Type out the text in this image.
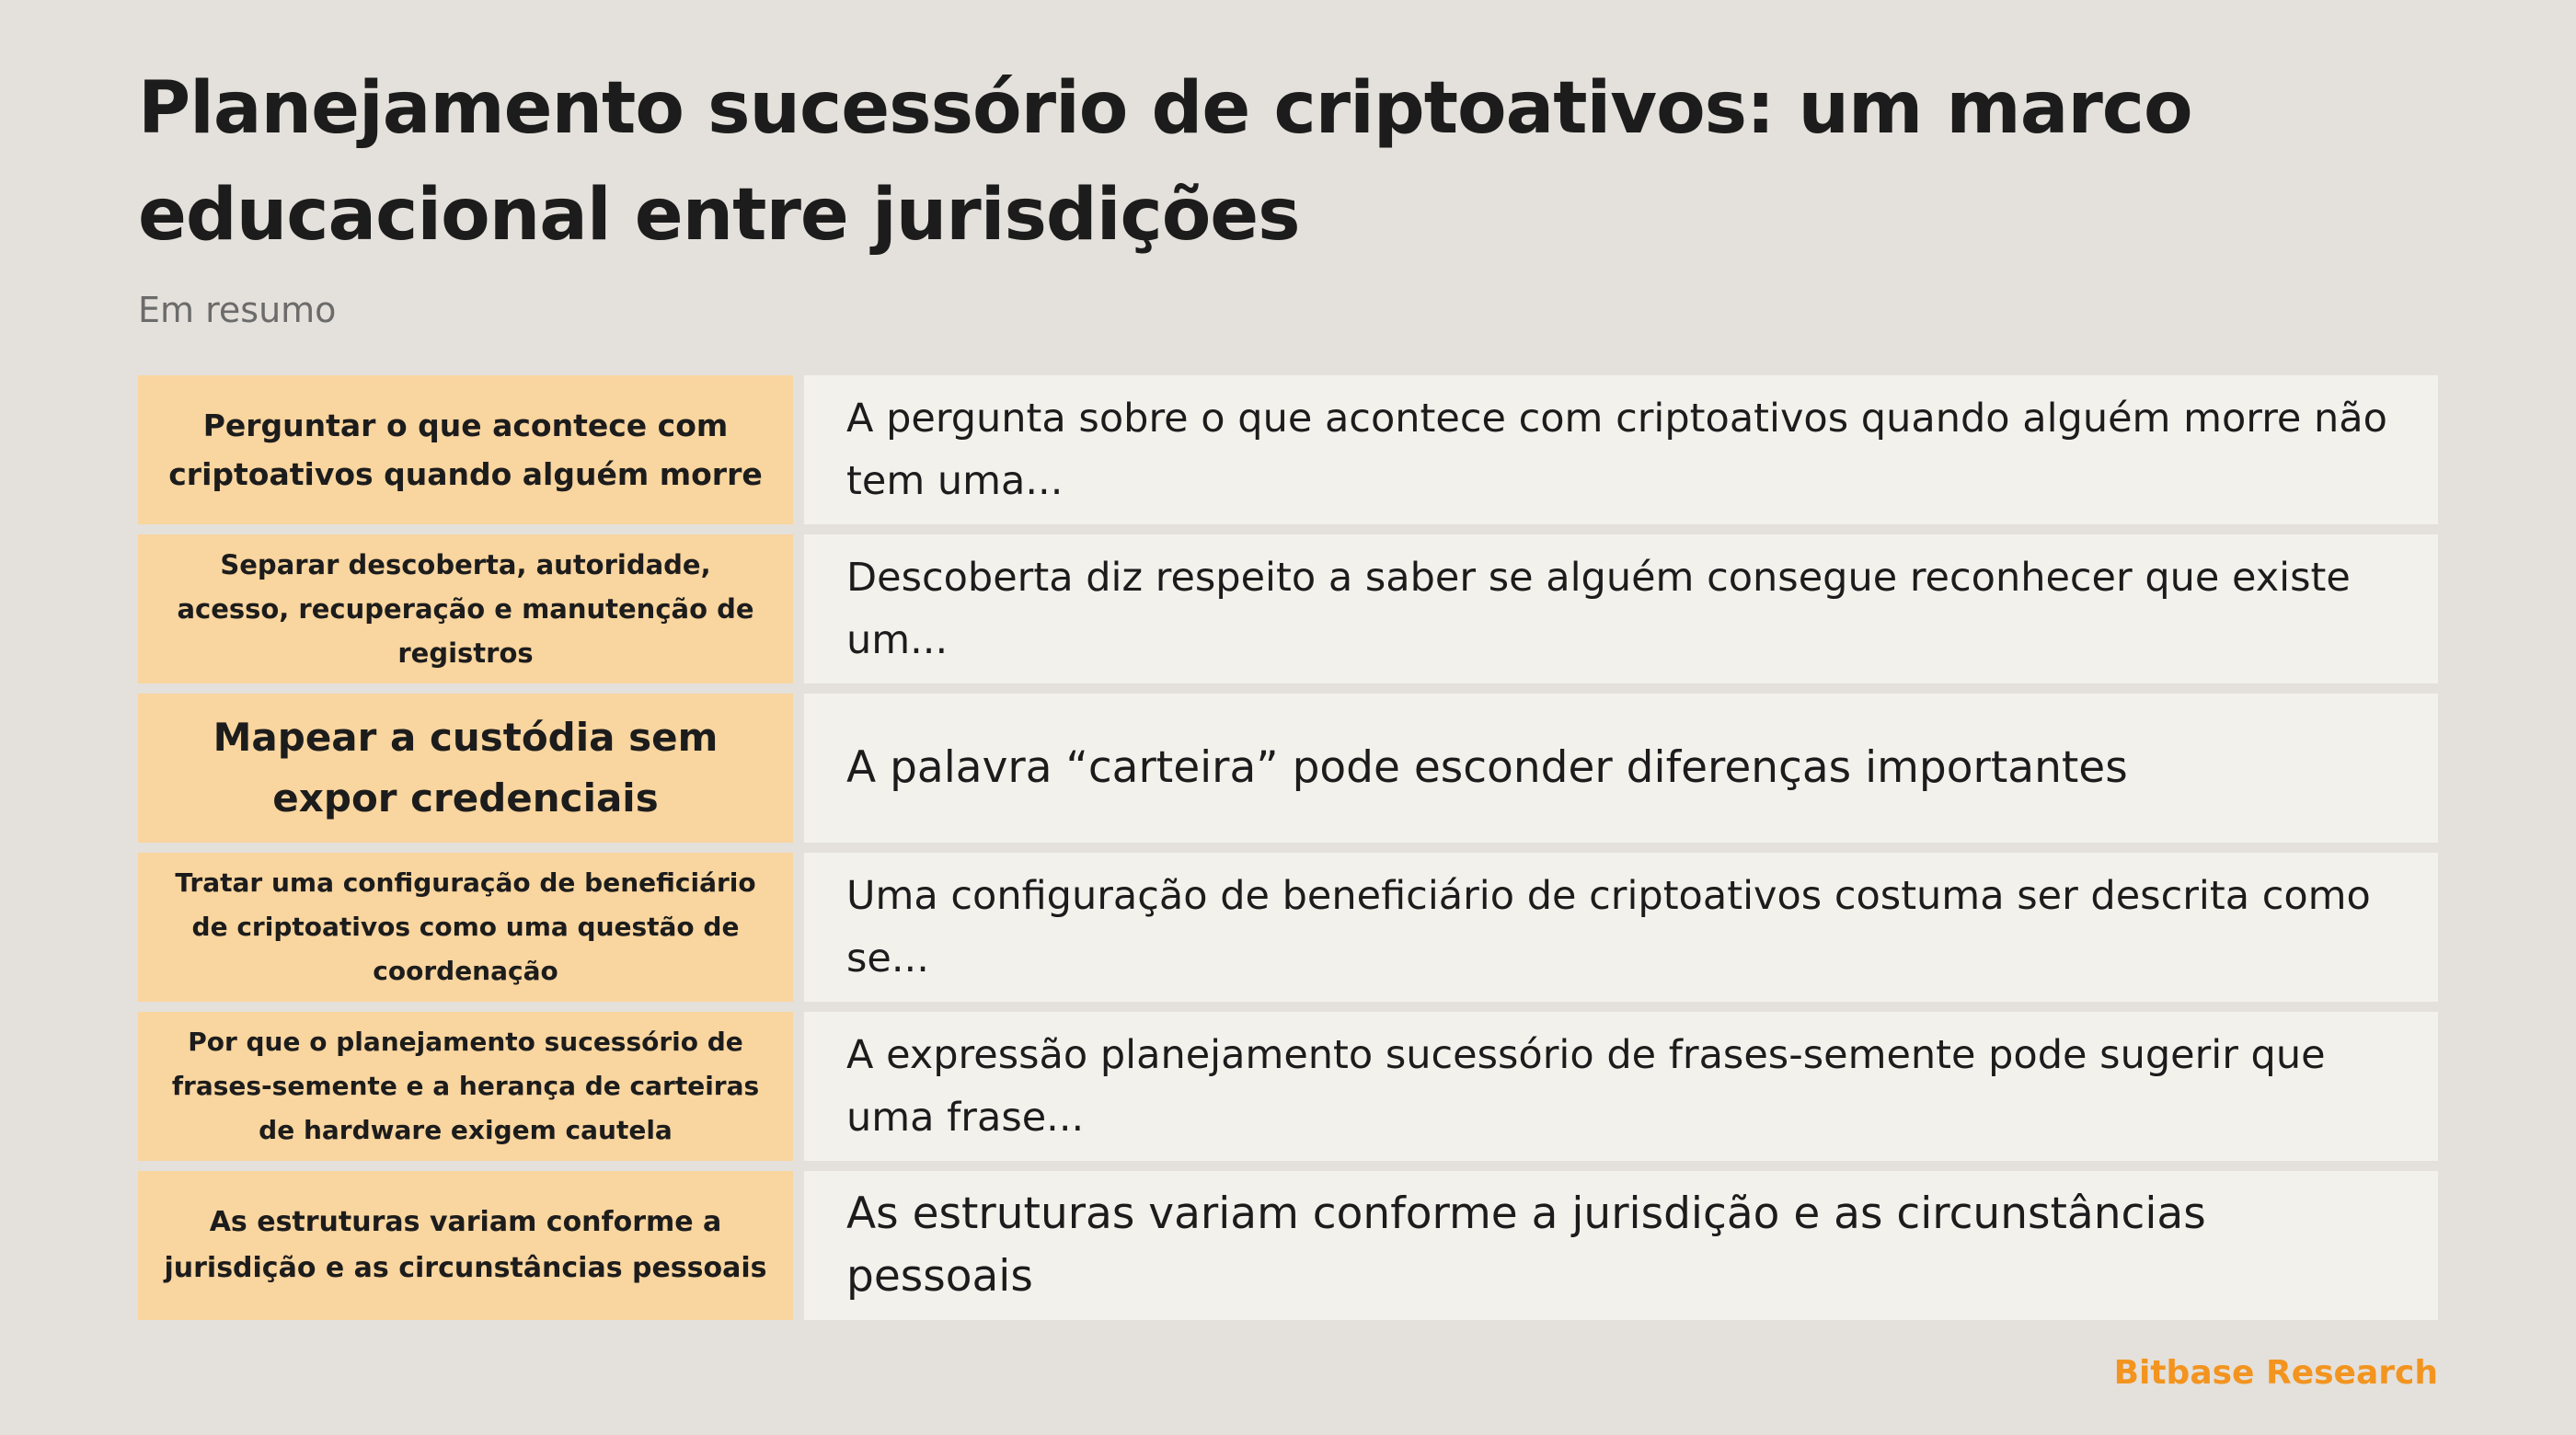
Planejamento sucessório de criptoativos: um marco educacional entre jurisdições
Em resumo
Perguntar o que acontece com criptoativos quando alguém morre
A pergunta sobre o que acontece com criptoativos quando alguém morre não tem uma...
Separar descoberta, autoridade, acesso, recuperação e manutenção de registros
Descoberta diz respeito a saber se alguém consegue reconhecer que existe um...
Mapear a custódia sem expor credenciais
A palavra “carteira” pode esconder diferenças importantes
Tratar uma configuração de beneficiário de criptoativos como uma questão de coordenação
Uma configuração de beneficiário de criptoativos costuma ser descrita como se...
Por que o planejamento sucessório de frases-semente e a herança de carteiras de hardware exigem cautela
A expressão planejamento sucessório de frases-semente pode sugerir que uma frase...
As estruturas variam conforme a jurisdição e as circunstâncias pessoais
As estruturas variam conforme a jurisdição e as circunstâncias pessoais
Bitbase Research
